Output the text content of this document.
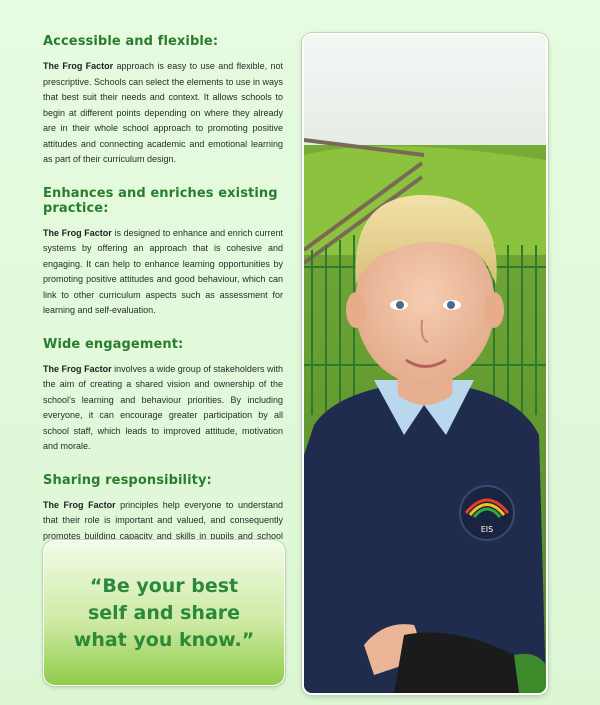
Accessible and flexible:

The Frog Factor approach is easy to use and flexible, not prescriptive. Schools can select the elements to use in ways that best suit their needs and context. It allows schools to begin at different points depending on where they already are in their whole school approach to promoting positive attitudes and connecting academic and emotional learning as part of their curriculum design.

Enhances and enriches existing practice:

The Frog Factor is designed to enhance and enrich current systems by offering an approach that is cohesive and engaging. It can help to enhance learning opportunities by promoting positive attitudes and good behaviour, which can link to other curriculum aspects such as assessment for learning and self-evaluation.

Wide engagement:

The Frog Factor involves a wide group of stakeholders with the aim of creating a shared vision and ownership of the school’s learning and behaviour priorities. By including everyone, it can encourage greater participation by all school staff, which leads to improved attitude, motivation and morale.

Sharing responsibility:

The Frog Factor principles help everyone to understand that their role is important and valued, and consequently promotes building capacity and skills in pupils and school

“Be your best
self and share
what you know.”
EIS
